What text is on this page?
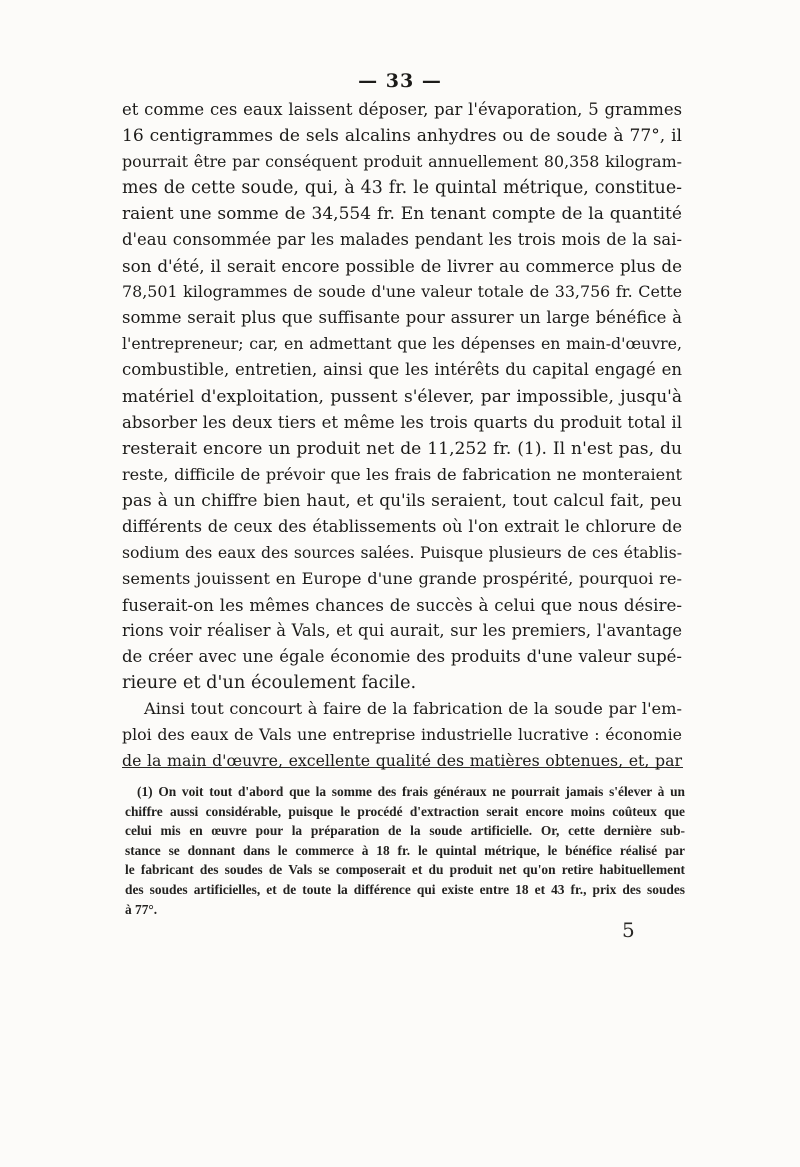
— 33 —
et comme ces eaux laissent déposer, par l'évaporation, 5 grammes
16 centigrammes de sels alcalins anhydres ou de soude à 77°, il
pourrait être par conséquent produit annuellement 80,358 kilogram-
mes de cette soude, qui, à 43 fr. le quintal métrique, constitue-
raient une somme de 34,554 fr. En tenant compte de la quantité
d'eau consommée par les malades pendant les trois mois de la sai-
son d'été, il serait encore possible de livrer au commerce plus de
78,501 kilogrammes de soude d'une valeur totale de 33,756 fr. Cette
somme serait plus que suffisante pour assurer un large bénéfice à
l'entrepreneur; car, en admettant que les dépenses en main-d'œuvre,
combustible, entretien, ainsi que les intérêts du capital engagé en
matériel d'exploitation, pussent s'élever, par impossible, jusqu'à
absorber les deux tiers et même les trois quarts du produit total il
resterait encore un produit net de 11,252 fr. (1). Il n'est pas, du
reste, difficile de prévoir que les frais de fabrication ne monteraient
pas à un chiffre bien haut, et qu'ils seraient, tout calcul fait, peu
différents de ceux des établissements où l'on extrait le chlorure de
sodium des eaux des sources salées. Puisque plusieurs de ces établis-
sements jouissent en Europe d'une grande prospérité, pourquoi re-
fuserait-on les mêmes chances de succès à celui que nous désire-
rions voir réaliser à Vals, et qui aurait, sur les premiers, l'avantage
de créer avec une égale économie des produits d'une valeur supé-
rieure et d'un écoulement facile.
Ainsi tout concourt à faire de la fabrication de la soude par l'em-
ploi des eaux de Vals une entreprise industrielle lucrative : économie
de la main d'œuvre, excellente qualité des matières obtenues, et, par
(1) On voit tout d'abord que la somme des frais généraux ne pourrait jamais s'élever à un
chiffre aussi considérable, puisque le procédé d'extraction serait encore moins coûteux que
celui mis en œuvre pour la préparation de la soude artificielle. Or, cette dernière sub-
stance se donnant dans le commerce à 18 fr. le quintal métrique, le bénéfice réalisé par
le fabricant des soudes de Vals se composerait et du produit net qu'on retire habituellement
des soudes artificielles, et de toute la différence qui existe entre 18 et 43 fr., prix des soudes
à 77°.
5
